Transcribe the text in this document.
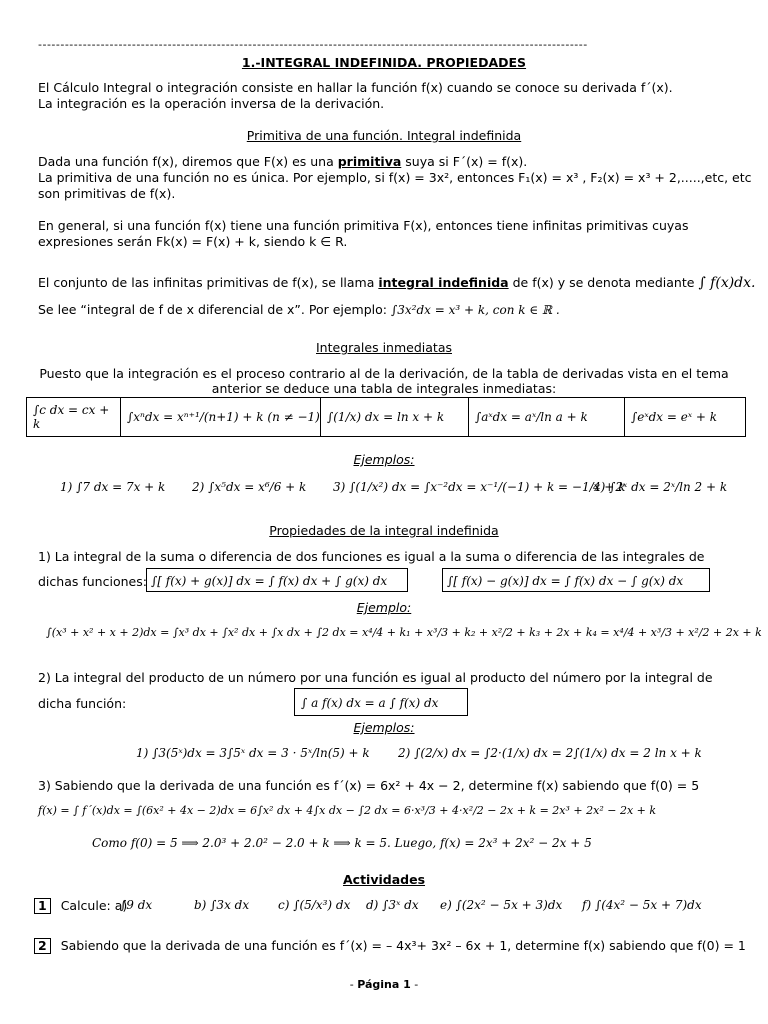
---------------------------------------------------------------------------------------------------------------------------
1.-INTEGRAL INDEFINIDA. PROPIEDADES
El Cálculo Integral o integración consiste en hallar la función f(x) cuando se conoce su derivada f´(x).
La integración es la operación inversa de la derivación.
Primitiva de una función. Integral indefinida
Dada una función f(x), diremos que F(x) es una primitiva suya si F´(x) = f(x).
La primitiva de una función no es única. Por ejemplo, si f(x) = 3x², entonces F₁(x) = x³ , F₂(x) = x³ + 2,.....,etc, etc
son primitivas de f(x).
En general, si una función f(x) tiene una función primitiva F(x), entonces tiene infinitas primitivas cuyas
expresiones serán Fk(x) = F(x) + k, siendo k ∈ R.
El conjunto de las infinitas primitivas de f(x), se llama integral indefinida de f(x) y se denota mediante ∫ f(x)dx.
Se lee “integral de f de x diferencial de x”. Por ejemplo: ∫3x²dx = x³ + k, con k ∈ ℝ .
Integrales inmediatas
Puesto que la integración es el proceso contrario al de la derivación, de la tabla de derivadas vista en el tema
anterior se deduce una tabla de integrales inmediatas:
∫c dx = cx + k	∫xⁿdx = xⁿ⁺¹/(n+1) + k (n ≠ −1) ∫(1/x) dx = ln x + k	∫aˣdx = aˣ/ln a + k	∫eˣdx = eˣ + k
Ejemplos:
1) ∫7 dx = 7x + k 2) ∫x⁵dx = x⁶/6 + k 3) ∫(1/x²) dx = ∫x⁻²dx = x⁻¹/(−1) + k = −1/x + k
4) ∫2ˣ dx = 2ˣ/ln 2 + k
Propiedades de la integral indefinida
1) La integral de la suma o diferencia de dos funciones es igual a la suma o diferencia de las integrales de
dichas funciones: ∫[ f(x) + g(x)] dx = ∫ f(x) dx + ∫ g(x) dx	∫[ f(x) − g(x)] dx = ∫ f(x) dx − ∫ g(x) dx
Ejemplo:
∫(x³ + x² + x + 2)dx = ∫x³ dx + ∫x² dx + ∫x dx + ∫2 dx = x⁴/4 + k₁ + x³/3 + k₂ + x²/2 + k₃ + 2x + k₄ = x⁴/4 + x³/3 + x²/2 + 2x + k
2) La integral del producto de un número por una función es igual al producto del número por la integral de
dicha función:	∫ a f(x) dx = a ∫ f(x) dx
Ejemplos:
1) ∫3(5ˣ)dx = 3∫5ˣ dx = 3 · 5ˣ/ln(5) + k 2) ∫(2/x) dx = ∫2·(1/x) dx = 2∫(1/x) dx = 2 ln x + k
3) Sabiendo que la derivada de una función es f´(x) = 6x² + 4x − 2, determine f(x) sabiendo que f(0) = 5
f(x) = ∫ f´(x)dx = ∫(6x² + 4x − 2)dx = 6∫x² dx + 4∫x dx − ∫2 dx = 6·x³/3 + 4·x²/2 − 2x + k = 2x³ + 2x² − 2x + k
Como f(0) = 5 ⟹ 2.0³ + 2.0² − 2.0 + k ⟹ k = 5. Luego, f(x) = 2x³ + 2x² − 2x + 5
Actividades
1 Calcule: a)
∫9 dx	b) ∫3x dx c) ∫(5/x³) dx d) ∫3ˣ dx e) ∫(2x² − 5x + 3)dx f) ∫(4x² − 5x + 7)dx
2 Sabiendo que la derivada de una función es f´(x) = – 4x³+ 3x² – 6x + 1, determine f(x) sabiendo que f(0) = 1
- Página 1 -
